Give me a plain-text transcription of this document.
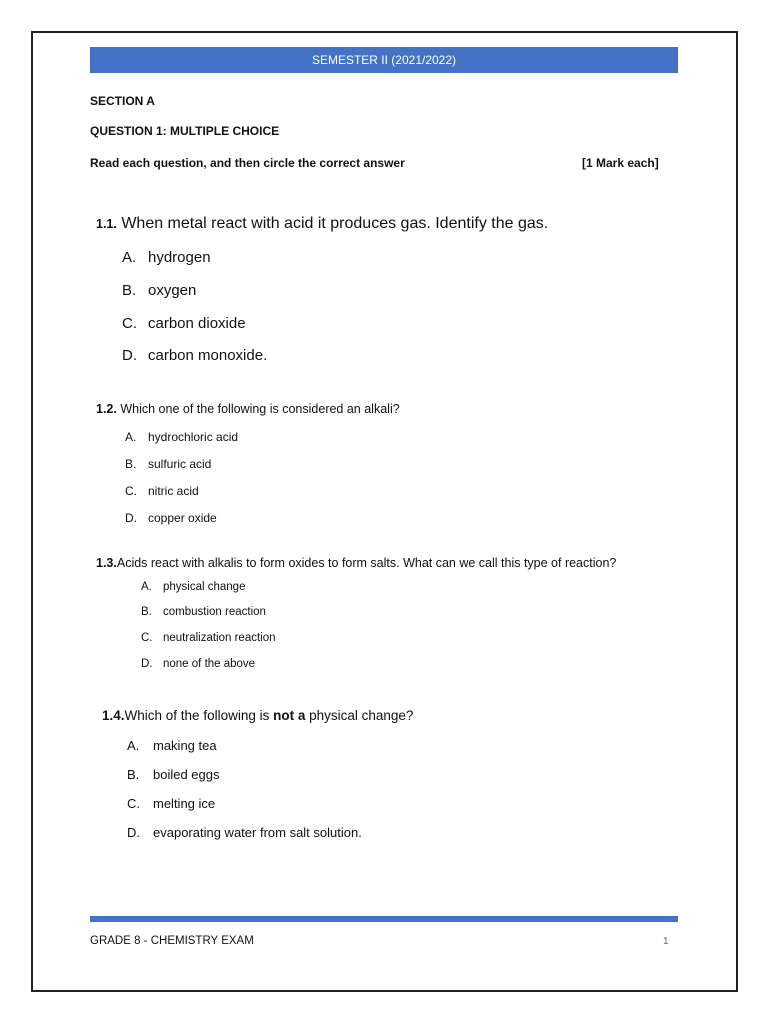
SEMESTER II (2021/2022)
SECTION A
QUESTION 1: MULTIPLE CHOICE
Read each question, and then circle the correct answer	[1 Mark each]
1.1. When metal react with acid it produces gas. Identify the gas.
A. hydrogen
B. oxygen
C. carbon dioxide
D. carbon monoxide.
1.2. Which one of the following is considered an alkali?
A. hydrochloric acid
B. sulfuric acid
C. nitric acid
D. copper oxide
1.3.Acids react with alkalis to form oxides to form salts. What can we call this type of reaction?
A. physical change
B. combustion reaction
C. neutralization reaction
D. none of the above
1.4.Which of the following is not a physical change?
A. making tea
B. boiled eggs
C. melting ice
D. evaporating water from salt solution.
GRADE 8 - CHEMISTRY EXAM	1
